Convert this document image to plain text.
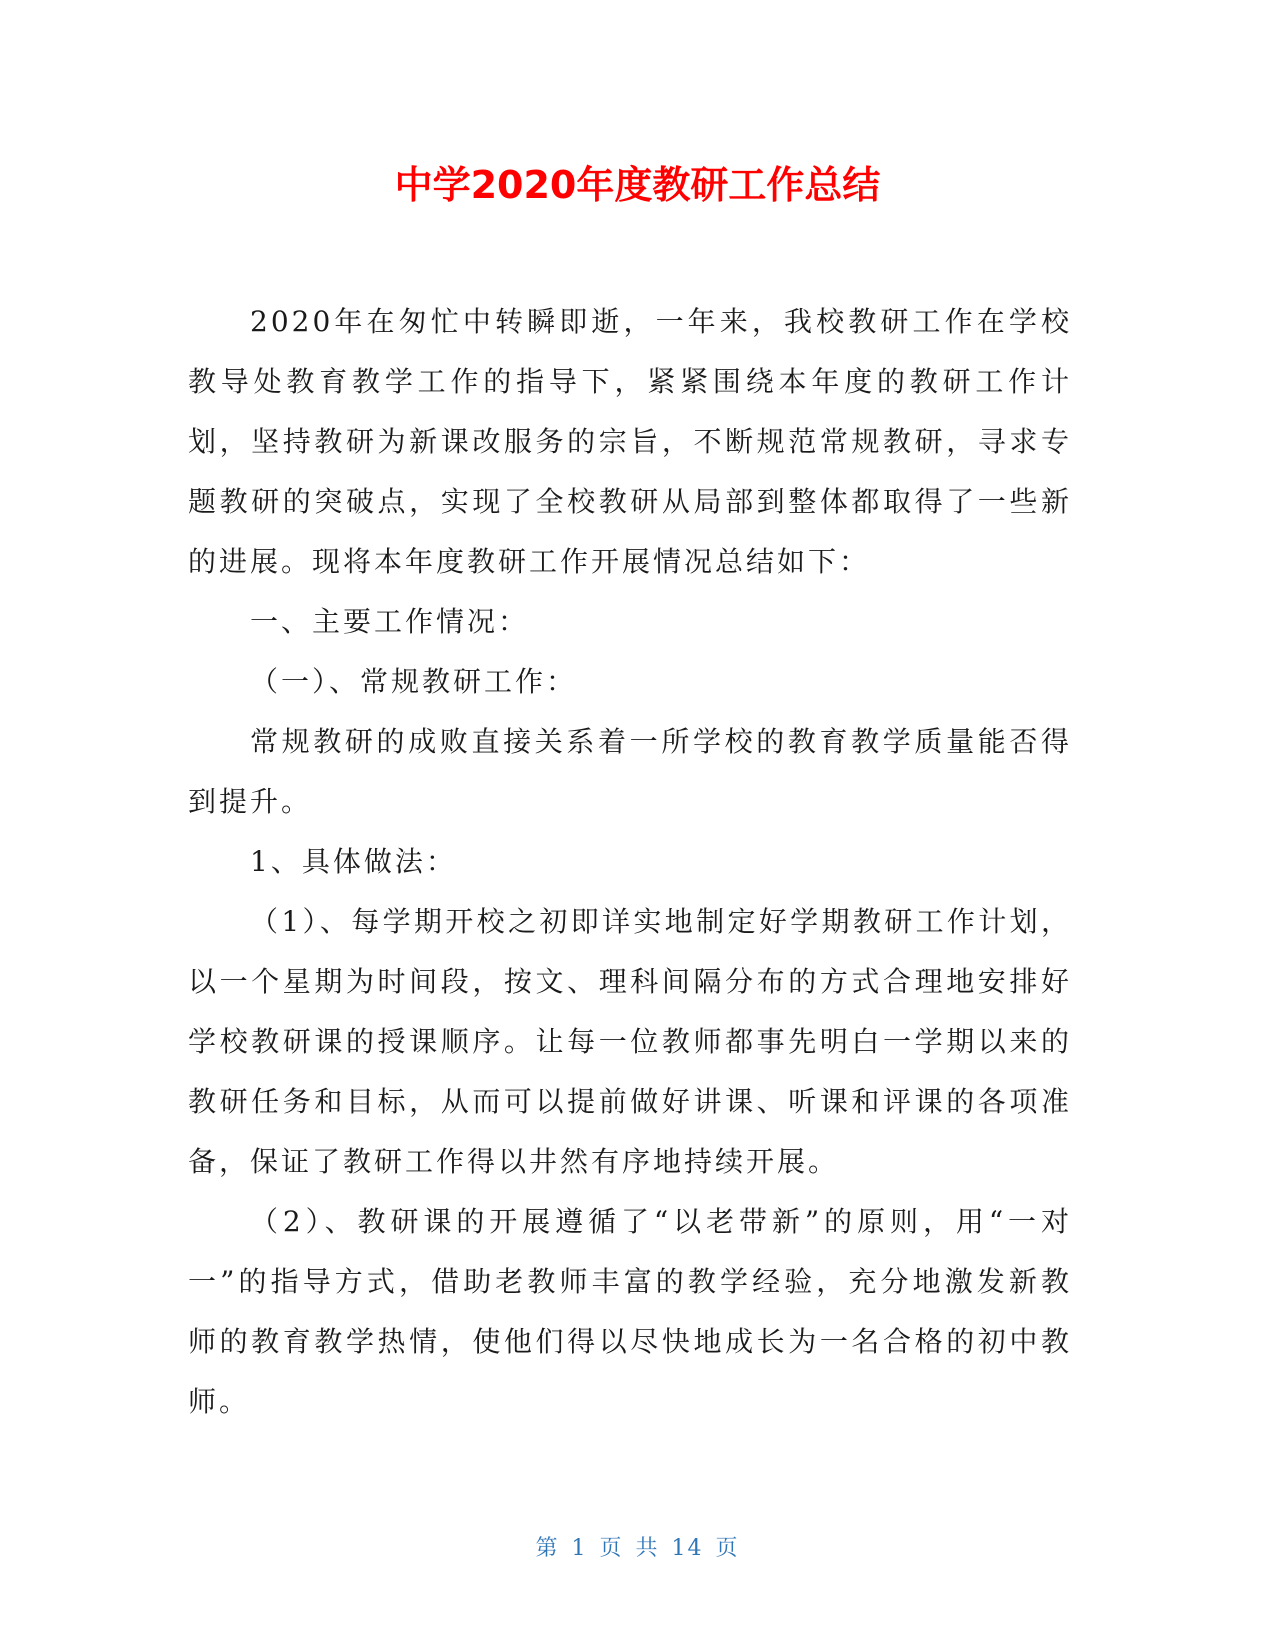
中学2020年度教研工作总结

2020年在匆忙中转瞬即逝，一年来，我校教研工作在学校教导处教育教学工作的指导下，紧紧围绕本年度的教研工作计划，坚持教研为新课改服务的宗旨，不断规范常规教研，寻求专题教研的突破点，实现了全校教研从局部到整体都取得了一些新的进展。现将本年度教研工作开展情况总结如下：

一、主要工作情况：

（一）、常规教研工作：

常规教研的成败直接关系着一所学校的教育教学质量能否得到提升。

1、具体做法：

（1）、每学期开校之初即详实地制定好学期教研工作计划，以一个星期为时间段，按文、理科间隔分布的方式合理地安排好学校教研课的授课顺序。让每一位教师都事先明白一学期以来的教研任务和目标，从而可以提前做好讲课、听课和评课的各项准备，保证了教研工作得以井然有序地持续开展。

（2）、教研课的开展遵循了“以老带新”的原则，用“一对一”的指导方式，借助老教师丰富的教学经验，充分地激发新教师的教育教学热情，使他们得以尽快地成长为一名合格的初中教师。

第 1 页 共 14 页
